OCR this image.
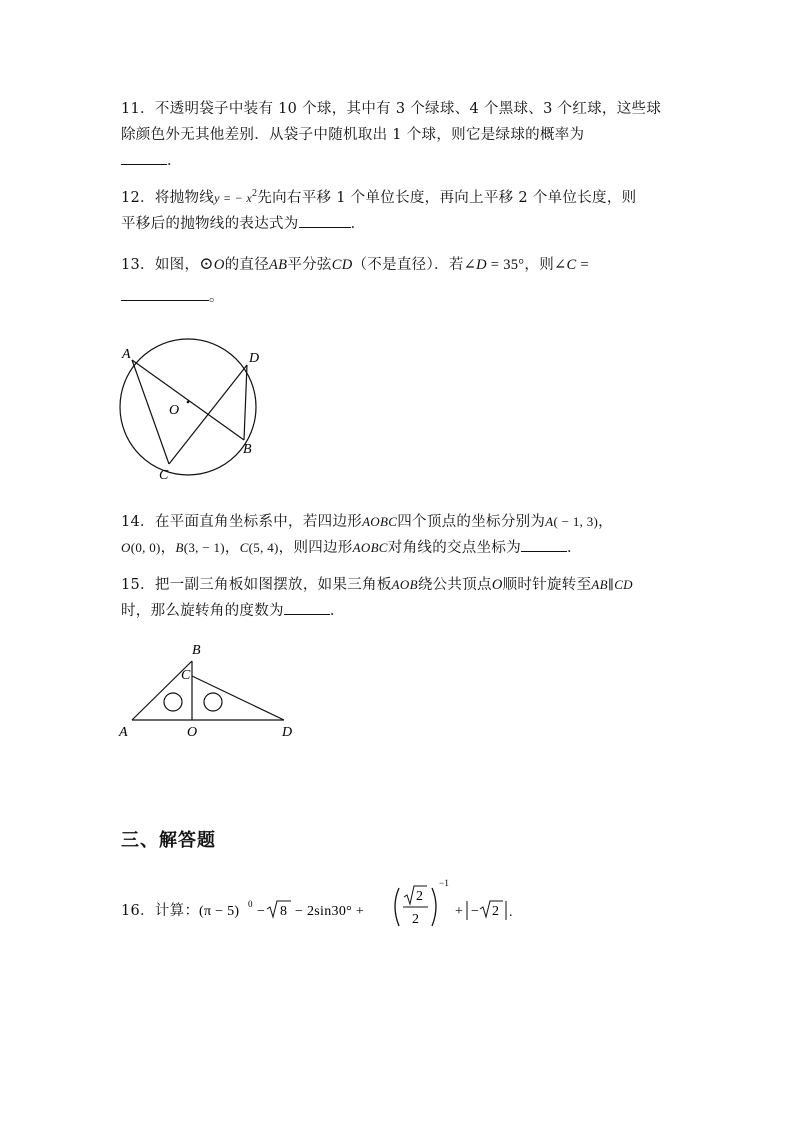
11．不透明袋子中装有 10 个球，其中有 3 个绿球、4 个黑球、3 个红球，这些球
除颜色外无其他差别．从袋子中随机取出 1 个球，则它是绿球的概率为
．
12．将抛物线y = − $x^2$先向右平移 1 个单位长度，再向上平移 2 个单位长度，则
平移后的抛物线的表达式为	．
13．如图，⊙O的直径AB平分弦CD（不是直径）．若∠D = 35°，则∠C =
。
A	D
O
B
C
14．在平面直角坐标系中，若四边形AOBC四个顶点的坐标分别为A( − 1, 3)，
O(0, 0)，B(3, − 1)，C(5, 4)，则四边形AOBC对角线的交点坐标为	．
15．把一副三角板如图摆放，如果三角板AOB绕公共顶点O顺时针旋转至AB∥CD
时，那么旋转角的度数为	．
B
C
A	O	D
三、解答题
16．计算： (π − 5) 0 − 8 − 2sin30° +
2
2
−1
+ − 2 .
